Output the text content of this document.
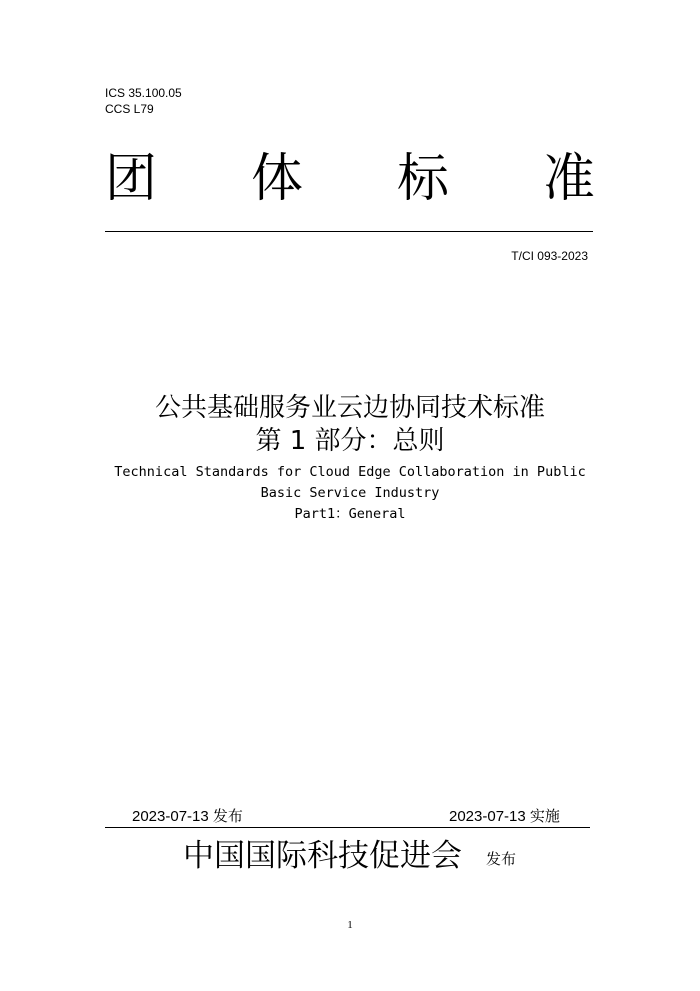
ICS 35.100.05
CCS L79
团 体 标 准
T/CI 093-2023
公共基础服务业云边协同技术标准
第 1 部分：总则
Technical Standards for Cloud Edge Collaboration in Public
Basic Service Industry
Part1：General
2023-07-13 发布	2023-07-13 实施
中国国际科技促进会 发布
1
